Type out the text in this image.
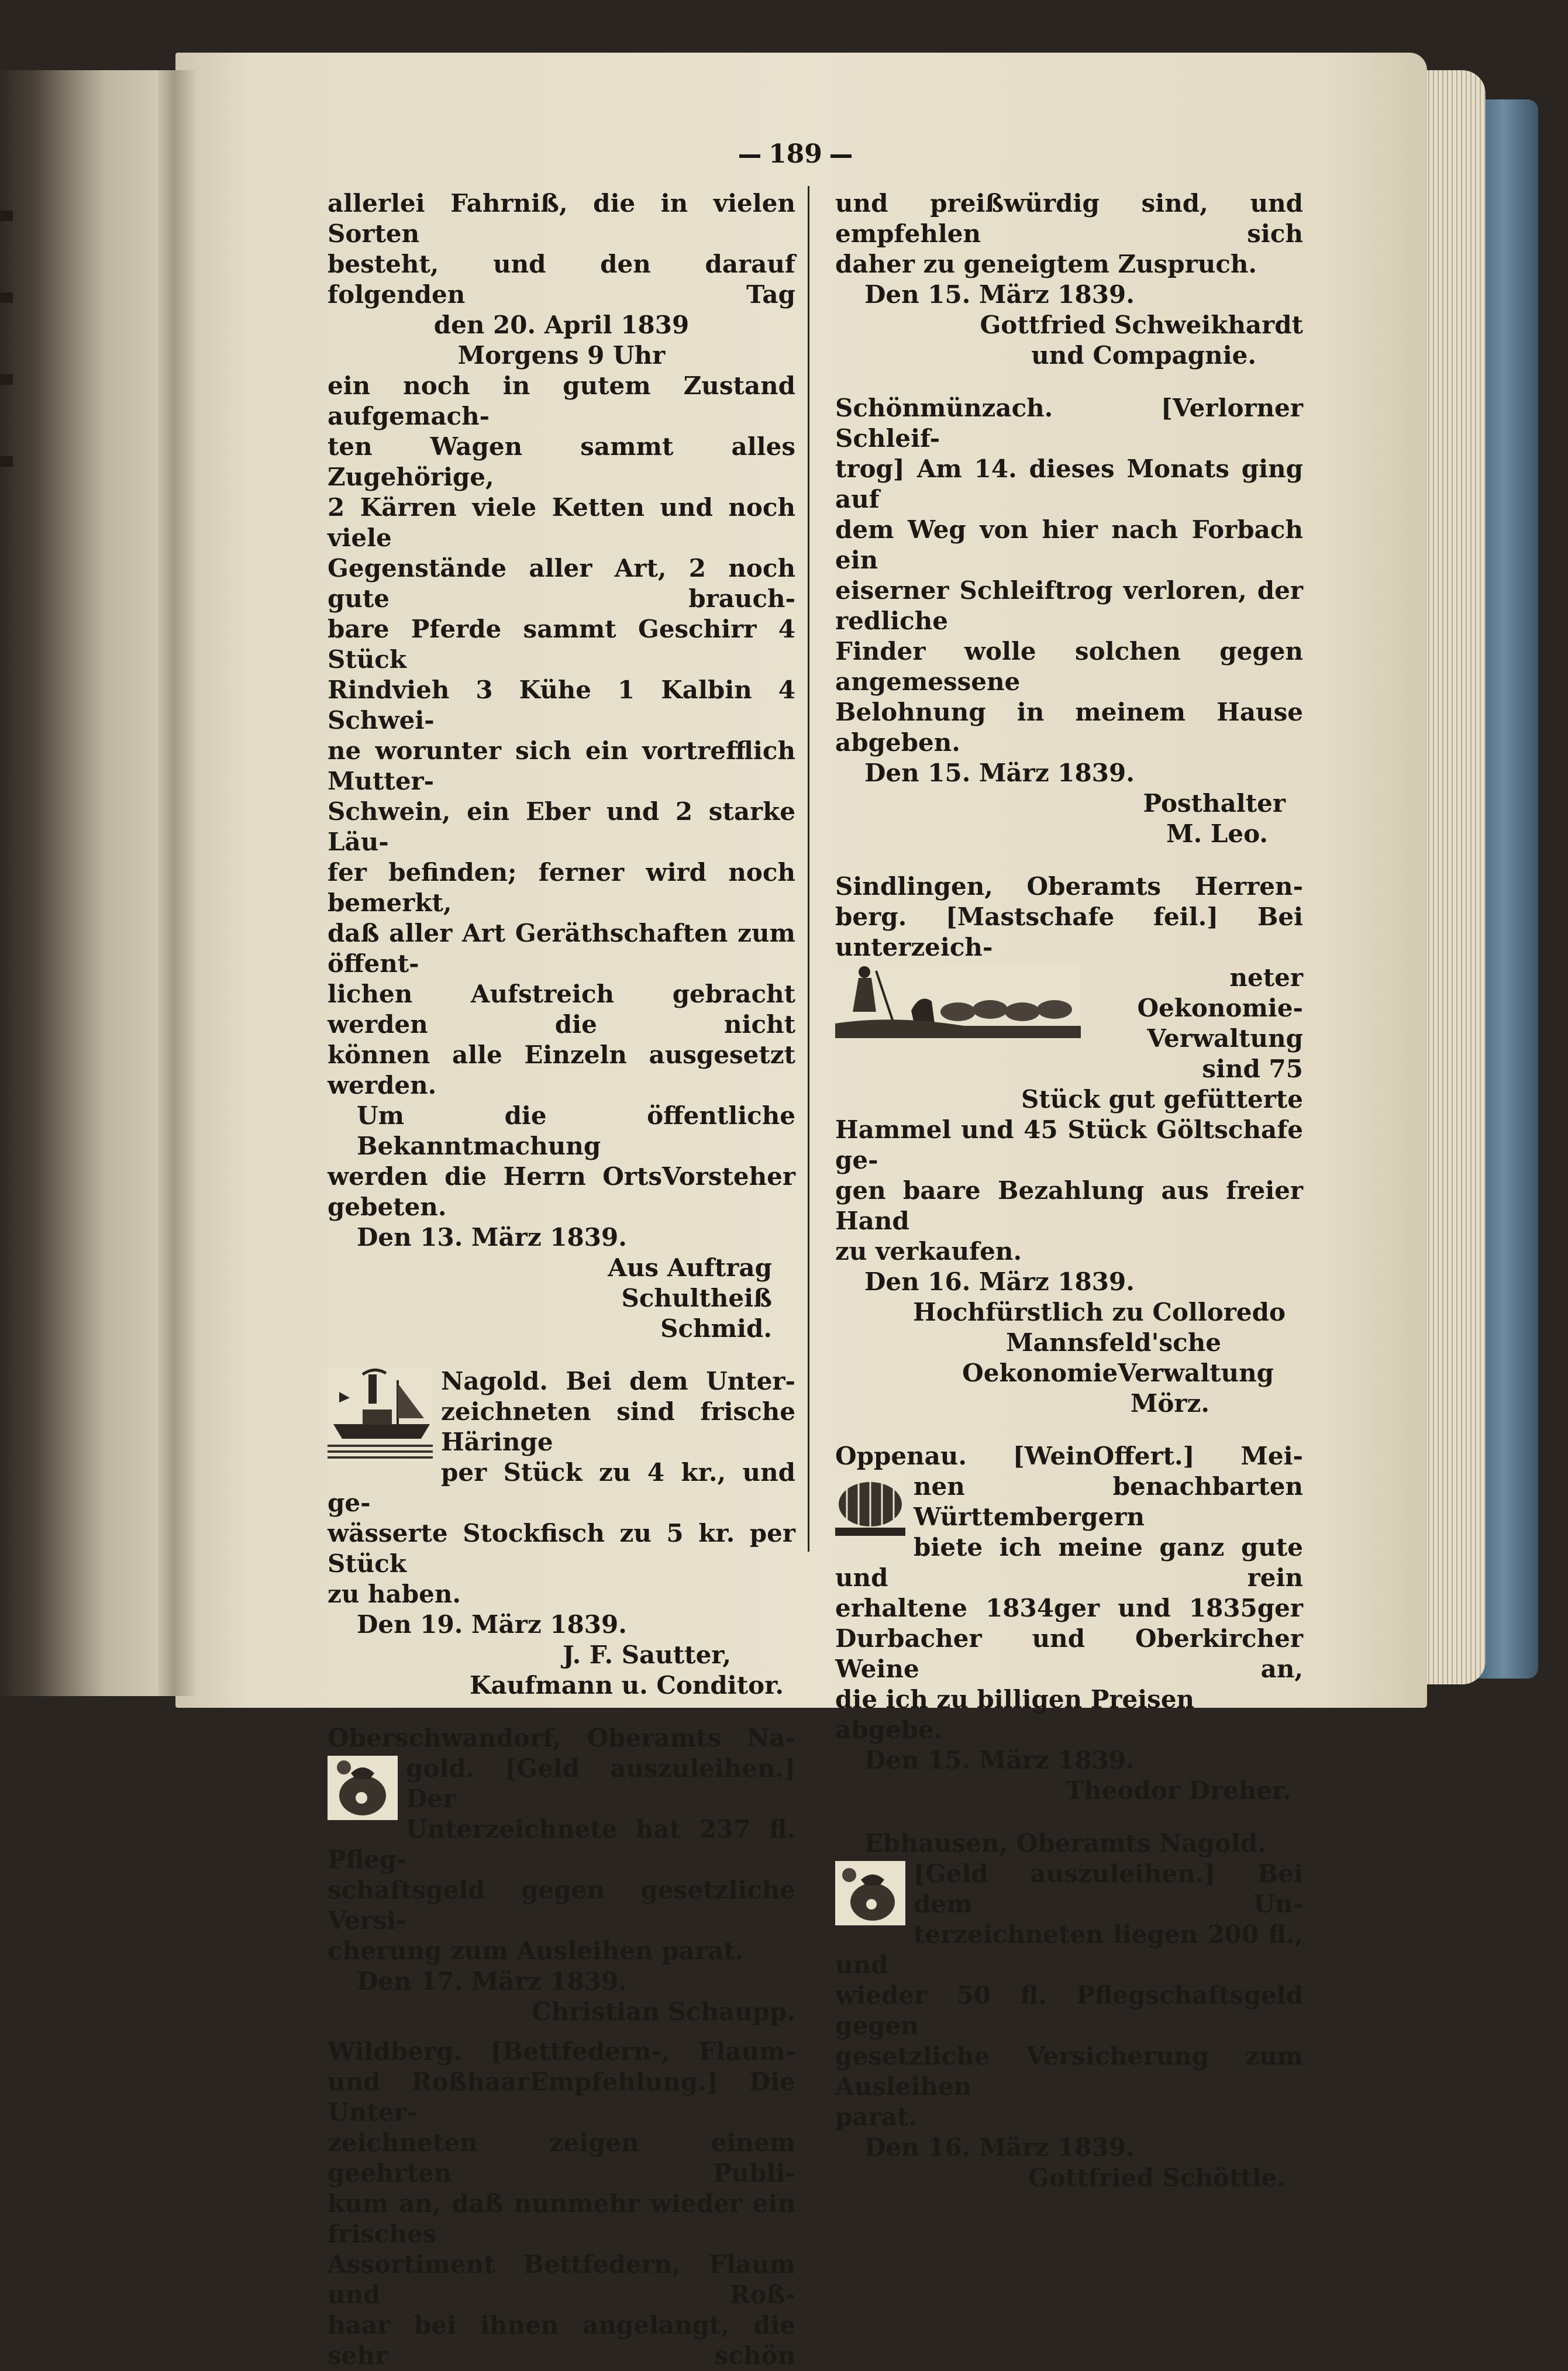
189

allerlei Fahrniß, die in vielen Sorten

besteht, und den darauf folgenden Tag

den 20. April 1839

Morgens 9 Uhr

ein noch in gutem Zustand aufgemach-

ten Wagen sammt alles Zugehörige,

2 Kärren viele Ketten und noch viele

Gegenstände aller Art, 2 noch gute brauch-

bare Pferde sammt Geschirr 4 Stück

Rindvieh 3 Kühe 1 Kalbin 4 Schwei-

ne worunter sich ein vortrefflich Mutter-

Schwein, ein Eber und 2 starke Läu-

fer befinden; ferner wird noch bemerkt,

daß aller Art Geräthschaften zum öffent-

lichen Aufstreich gebracht werden die nicht

können alle Einzeln ausgesetzt werden.

Um die öffentliche Bekanntmachung

werden die Herrn OrtsVorsteher gebeten.

Den 13. März 1839.

Aus Auftrag

Schultheiß

Schmid.

Nagold. Bei dem Unter-

zeichneten sind frische Häringe

per Stück zu 4 kr., und ge-

wässerte Stockfisch zu 5 kr. per Stück

zu haben.

Den 19. März 1839.

J. F. Sautter,

Kaufmann u. Conditor.

Oberschwandorf, Oberamts Na-

gold. [Geld auszuleihen.] Der

Unterzeichnete hat 237 fl. Pfleg-

schaftsgeld gegen gesetzliche Versi-

cherung zum Ausleihen parat.

Den 17. März 1839.

Christian Schaupp.

Wildberg. [Bettfedern-, Flaum-

und RoßhaarEmpfehlung.] Die Unter-

zeichneten zeigen einem geehrten Publi-

kum an, daß nunmehr wieder ein frisches

Assortiment Bettfedern, Flaum und Roß-

haar bei ihnen angelangt, die sehr schön

und preißwürdig sind, und empfehlen sich

daher zu geneigtem Zuspruch.

Den 15. März 1839.

Gottfried Schweikhardt

und Compagnie.

Schönmünzach. [Verlorner Schleif-

trog] Am 14. dieses Monats ging auf

dem Weg von hier nach Forbach ein

eiserner Schleiftrog verloren, der redliche

Finder wolle solchen gegen angemessene

Belohnung in meinem Hause abgeben.

Den 15. März 1839.

Posthalter

M. Leo.

Sindlingen, Oberamts Herren-

berg. [Mastschafe feil.] Bei unterzeich-

neter Oekonomie-

Verwaltung sind 75

Stück gut gefütterte

Hammel und 45 Stück Göltschafe ge-

gen baare Bezahlung aus freier Hand

zu verkaufen.

Den 16. März 1839.

Hochfürstlich zu Colloredo

Mannsfeld'sche

OekonomieVerwaltung

Mörz.

Oppenau. [WeinOffert.] Mei-

nen benachbarten Württembergern

biete ich meine ganz gute und rein

erhaltene 1834ger und 1835ger

Durbacher und Oberkircher Weine an,

die ich zu billigen Preisen abgebe.

Den 15. März 1839.

Theodor Dreher.

Ebhausen, Oberamts Nagold.

[Geld auszuleihen.] Bei dem Un-

terzeichneten liegen 200 fl., und

wieder 50 fl. Pflegschaftsgeld gegen

gesetzliche Versicherung zum Ausleihen

parat.

Den 16. März 1839.

Gottfried Schöttle.
